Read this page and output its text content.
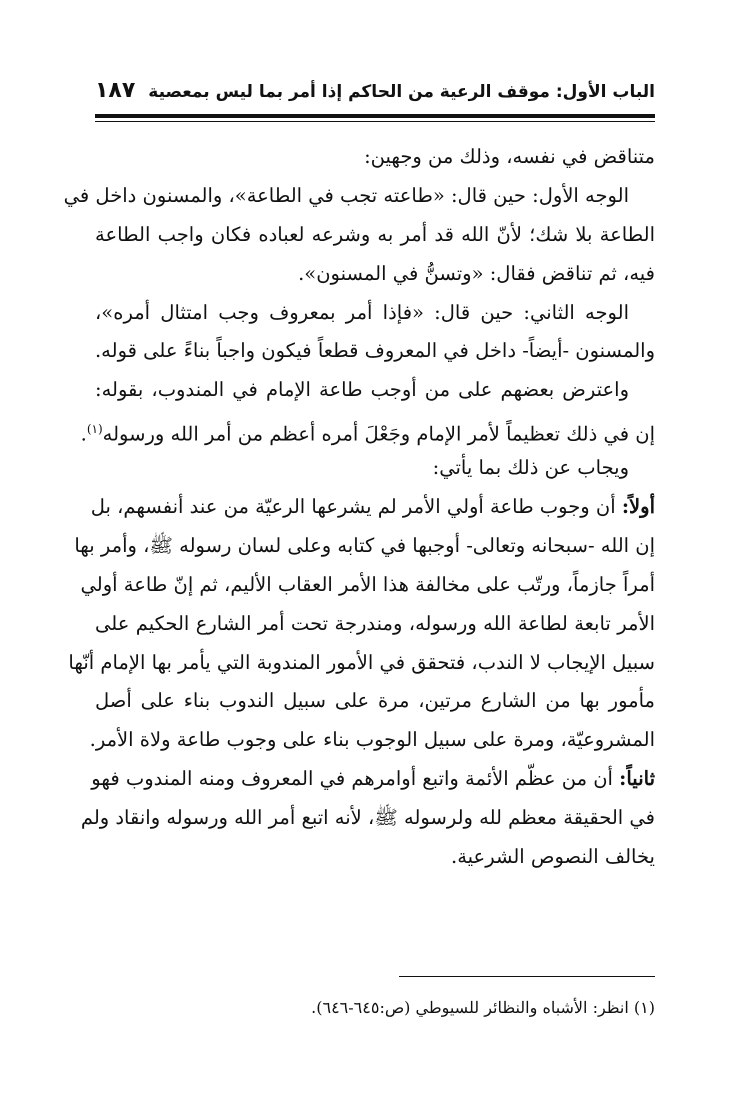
الباب الأول: موقف الرعية من الحاكم إذا أمر بما ليس بمعصية
١٨٧
متناقض في نفسه، وذلك من وجهين:
الوجه الأول: حين قال: «طاعته تجب في الطاعة»، والمسنون داخل في
الطاعة بلا شك؛ لأنّ الله قد أمر به وشرعه لعباده فكان واجب الطاعة
فيه، ثم تناقض فقال: «وتسنُّ في المسنون».
الوجه الثاني: حين قال: «فإذا أمر بمعروف وجب امتثال أمره»،
والمسنون -أيضاً- داخل في المعروف قطعاً فيكون واجباً بناءً على قوله.
واعترض بعضهم على من أوجب طاعة الإمام في المندوب، بقوله:
إن في ذلك تعظيماً لأمر الإمام وجَعْلَ أمره أعظم من أمر الله ورسوله$^{(١)}$.
ويجاب عن ذلك بما يأتي:
أولاً: أن وجوب طاعة أولي الأمر لم يشرعها الرعيّة من عند أنفسهم، بل
إن الله -سبحانه وتعالى- أوجبها في كتابه وعلى لسان رسوله ﷺ، وأمر بها
أمراً جازماً، ورتّب على مخالفة هذا الأمر العقاب الأليم، ثم إنّ طاعة أولي
الأمر تابعة لطاعة الله ورسوله، ومندرجة تحت أمر الشارع الحكيم على
سبيل الإيجاب لا الندب، فتحقق في الأمور المندوبة التي يأمر بها الإمام أنّها
مأمور بها من الشارع مرتين، مرة على سبيل الندوب بناء على أصل
المشروعيّة، ومرة على سبيل الوجوب بناء على وجوب طاعة ولاة الأمر.
ثانياً: أن من عظّم الأئمة واتبع أوامرهم في المعروف ومنه المندوب فهو
في الحقيقة معظم لله ولرسوله ﷺ، لأنه اتبع أمر الله ورسوله وانقاد ولم
يخالف النصوص الشرعية.
(١) انظر: الأشباه والنظائر للسيوطي (ص:٦٤٥-٦٤٦).
